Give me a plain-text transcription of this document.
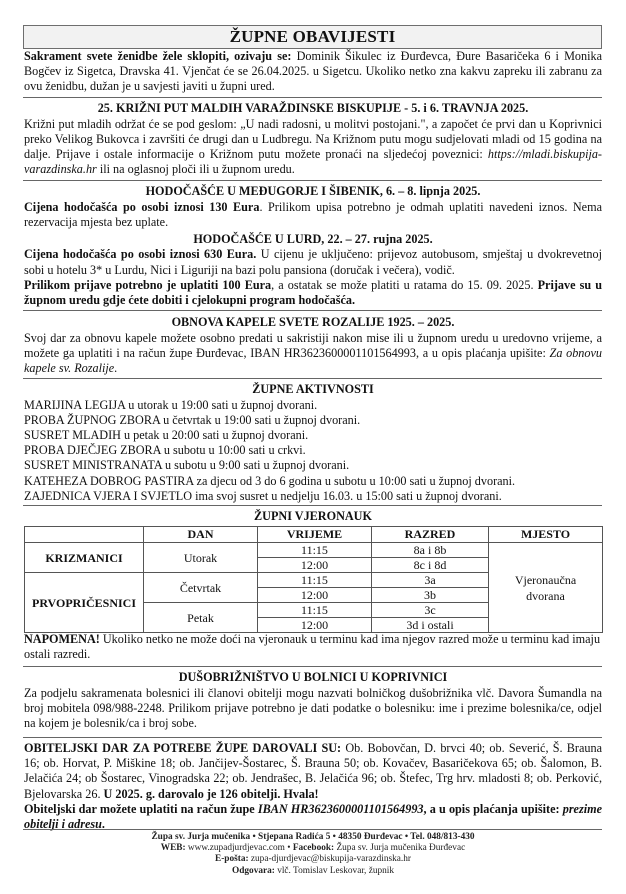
ŽUPNE OBAVIJESTI

Sakrament svete ženidbe žele sklopiti, ozivaju se: Dominik Šikulec iz Đurđevca, Đure Basaričeka 6 i Monika Bogčev iz Sigetca, Dravska 41. Vjenčat će se 26.04.2025. u Sigetcu. Ukoliko netko zna kakvu zapreku ili zabranu za ovu ženidbu, dužan je u savjesti javiti u župni ured.

25. KRIŽNI PUT MALDIH VARAŽDINSKE BISKUPIJE - 5. i 6. TRAVNJA 2025.

Križni put mladih održat će se pod geslom: „U nadi radosni, u molitvi postojani.", a započet će prvi dan u Koprivnici preko Velikog Bukovca i završiti će drugi dan u Ludbregu. Na Križnom putu mogu sudjelovati mladi od 15 godina na dalje. Prijave i ostale informacije o Križnom putu možete pronaći na sljedećoj poveznici: https://mladi.biskupija-varazdinska.hr ili na oglasnoj ploči ili u župnom uredu.

HODOČAŠĆE U MEĐUGORJE I ŠIBENIK, 6. – 8. lipnja 2025.

Cijena hodočašća po osobi iznosi 130 Eura. Prilikom upisa potrebno je odmah uplatiti navedeni iznos. Nema rezervacija mjesta bez uplate.

HODOČAŠĆE U LURD, 22. – 27. rujna 2025.

Cijena hodočašća po osobi iznosi 630 Eura. U cijenu je uključeno: prijevoz autobusom, smještaj u dvokrevetnoj sobi u hotelu 3* u Lurdu, Nici i Liguriji na bazi polu pansiona (doručak i večera), vodič.

Prilikom prijave potrebno je uplatiti 100 Eura, a ostatak se može platiti u ratama do 15. 09. 2025. Prijave su u župnom uredu gdje ćete dobiti i cjelokupni program hodočašća.

OBNOVA KAPELE SVETE ROZALIJE 1925. – 2025.

Svoj dar za obnovu kapele možete osobno predati u sakristiji nakon mise ili u župnom uredu u uredovno vrijeme, a možete ga uplatiti i na račun župe Đurđevac, IBAN HR3623600001101564993, a u opis plaćanja upišite: Za obnovu kapele sv. Rozalije.

ŽUPNE AKTIVNOSTI

MARIJINA LEGIJA u utorak u 19:00 sati u župnoj dvorani.

PROBA ŽUPNOG ZBORA u četvrtak u 19:00 sati u župnoj dvorani.

SUSRET MLADIH u petak u 20:00 sati u župnoj dvorani.

PROBA DJEČJEG ZBORA u subotu u 10:00 sati u crkvi.

SUSRET MINISTRANATA u subotu u 9:00 sati u župnoj dvorani.

KATEHEZA DOBROG PASTIRA za djecu od 3 do 6 godina u subotu u 10:00 sati u župnoj dvorani.

ZAJEDNICA VJERA I SVJETLO ima svoj susret u nedjelju 16.03. u 15:00 sati u župnoj dvorani.

ŽUPNI VJERONAUK

	DAN	VRIJEME	RAZRED	MJESTO
KRIZMANICI	Utorak	11:15	8a i 8b	Vjeronaučna dvorana
		12:00	8c i 8d	
PRVOPRIČESNICI	Četvrtak	11:15	3a	
		12:00	3b	
	Petak	11:15	3c	
		12:00	3d i ostali	

NAPOMENA! Ukoliko netko ne može doći na vjeronauk u terminu kad ima njegov razred može u terminu kad imaju ostali razredi.

DUŠOBRIŽNIŠTVO U BOLNICI U KOPRIVNICI

Za podjelu sakramenata bolesnici ili članovi obitelji mogu nazvati bolničkog dušobrižnika vlč. Davora Šumandla na broj mobitela 098/988-2248. Prilikom prijave potrebno je dati podatke o bolesniku: ime i prezime bolesnika/ce, odjel na kojem je bolesnik/ca i broj sobe.

OBITELJSKI DAR ZA POTREBE ŽUPE DAROVALI SU: Ob. Bobovčan, D. brvci 40; ob. Severić, Š. Brauna 16; ob. Horvat, P. Miškine 18; ob. Jančijev-Šostarec, Š. Brauna 50; ob. Kovačev, Basaričekova 65; ob. Šalomon, B. Jelačića 24; ob Šostarec, Vinogradska 22; ob. Jendrašec, B. Jelačića 96; ob. Štefec, Trg hrv. mladosti 8; ob. Perković, Bjelovarska 26. U 2025. g. darovalo je 126 obitelji. Hvala!

Obiteljski dar možete uplatiti na račun župe IBAN HR3623600001101564993, a u opis plaćanja upišite: prezime obitelji i adresu.

Župa sv. Jurja mučenika • Stjepana Radića 5 • 48350 Đurđevac • Tel. 048/813-430
WEB: www.zupadjurdjevac.com • Facebook: Župa sv. Jurja mučenika Đurđevac
E-pošta: zupa-djurdjevac@biskupija-varazdinska.hr
Odgovara: vlč. Tomislav Leskovar, župnik
